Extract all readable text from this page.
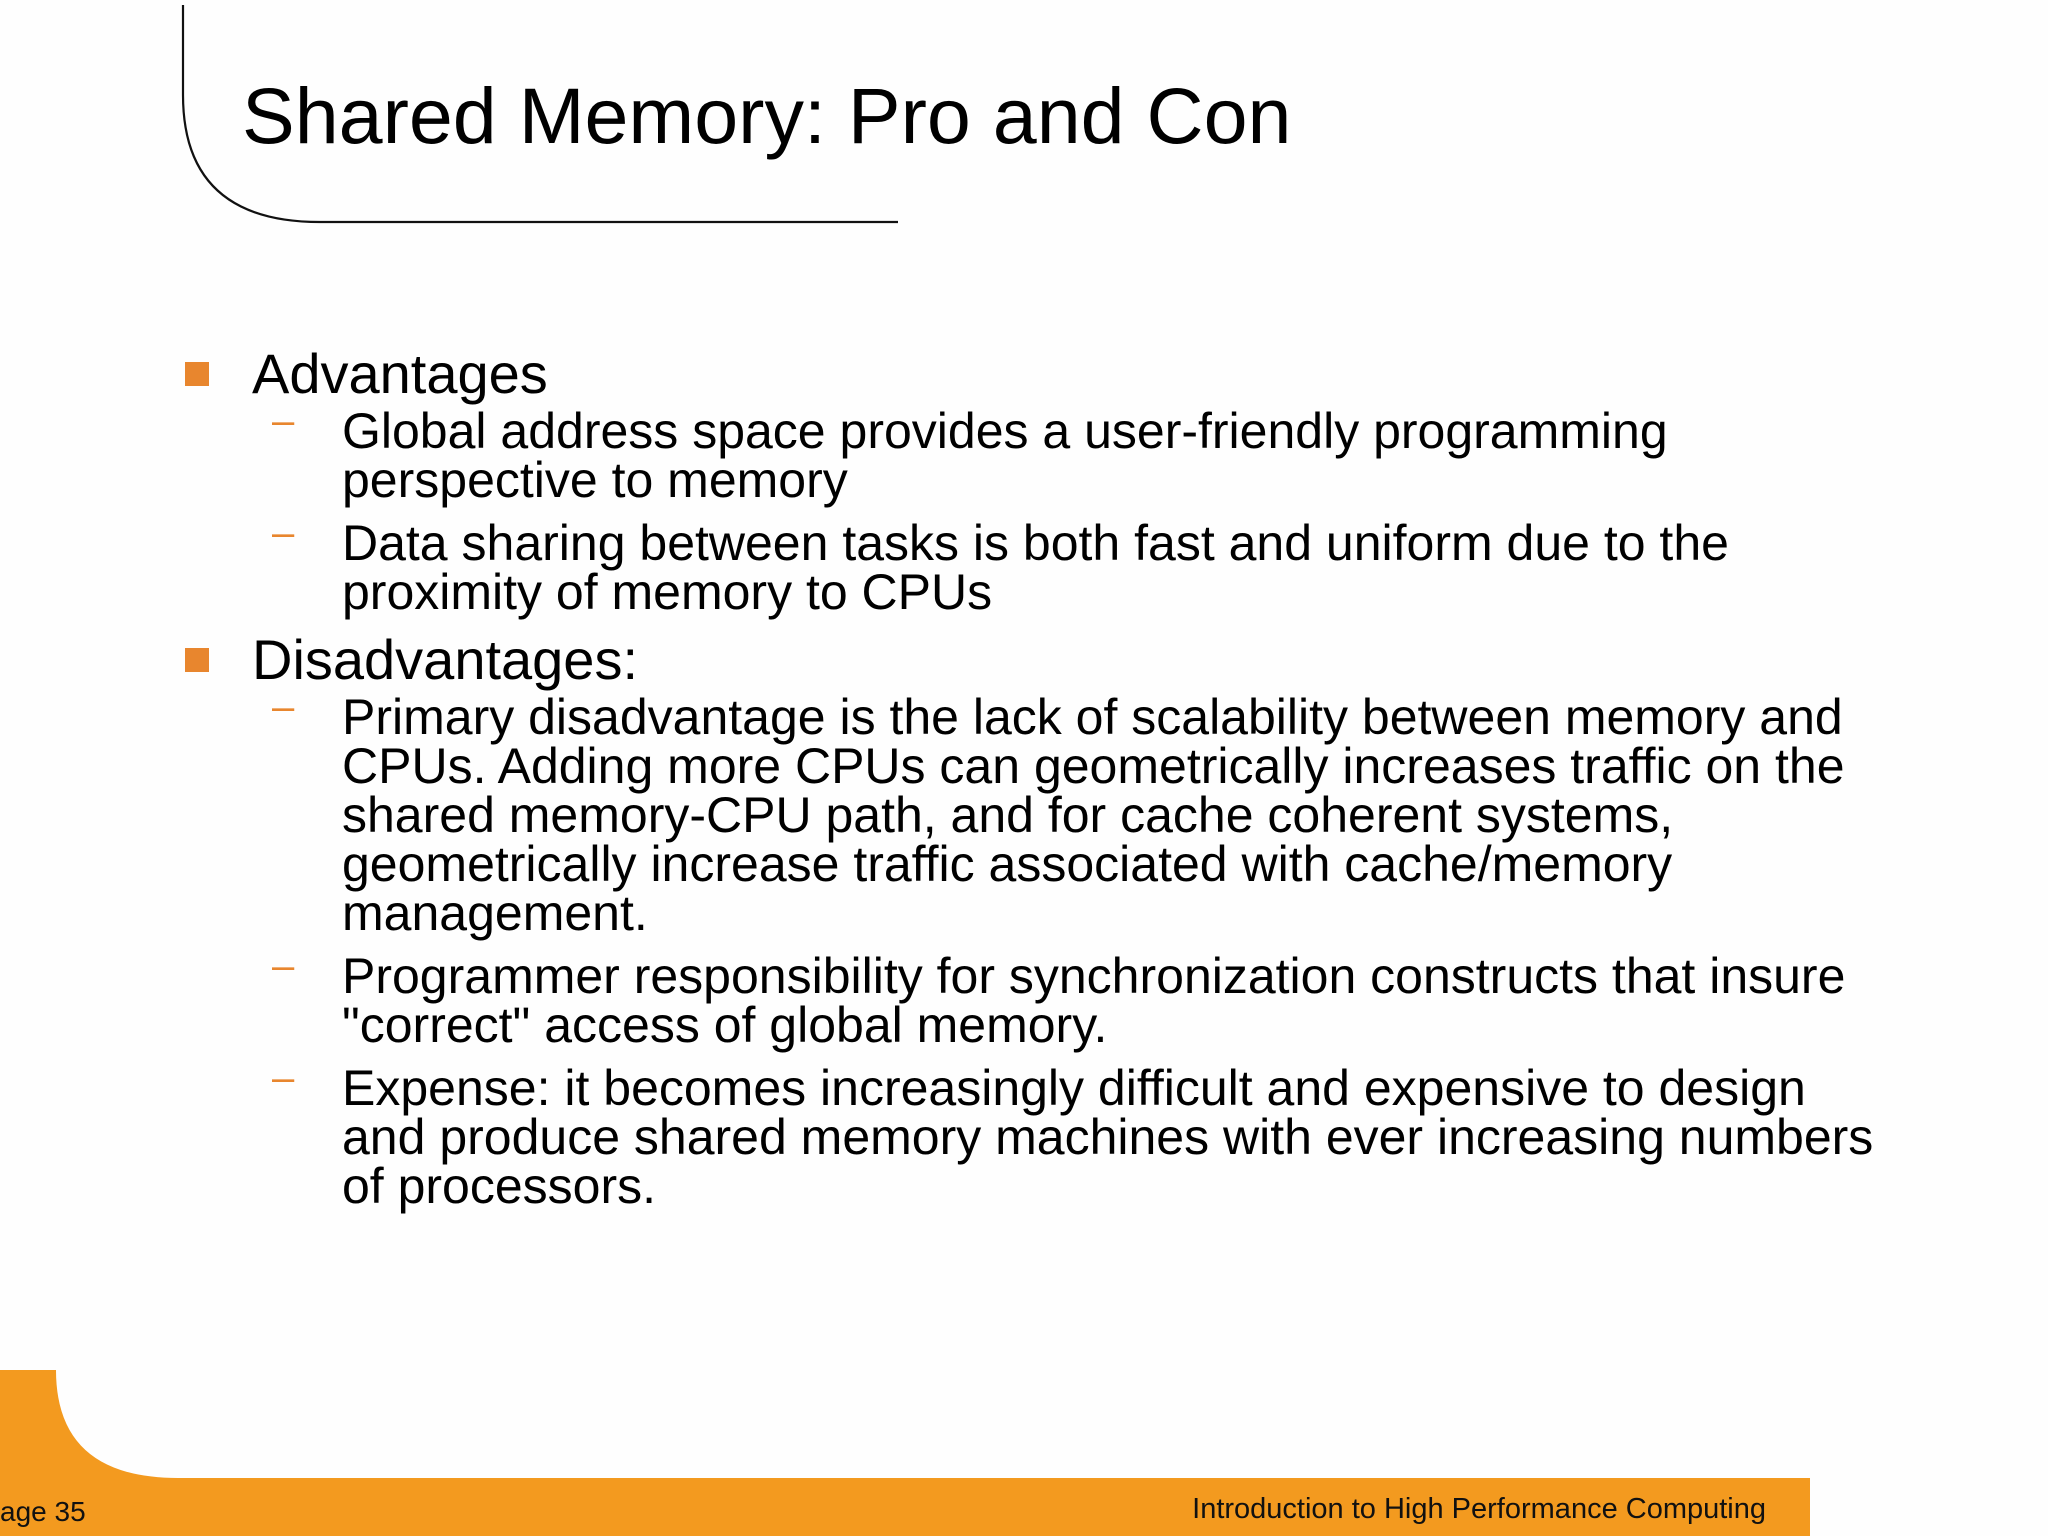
Shared Memory: Pro and Con
Advantages
– Global address space provides a user-friendly programming perspective to memory
– Data sharing between tasks is both fast and uniform due to the proximity of memory to CPUs
Disadvantages:
– Primary disadvantage is the lack of scalability between memory and CPUs. Adding more CPUs can geometrically increases traffic on the shared memory-CPU path, and for cache coherent systems, geometrically increase traffic associated with cache/memory management.
– Programmer responsibility for synchronization constructs that insure "correct" access of global memory.
– Expense: it becomes increasingly difficult and expensive to design and produce shared memory machines with ever increasing numbers of processors.
age 35	Introduction to High Performance Computing
